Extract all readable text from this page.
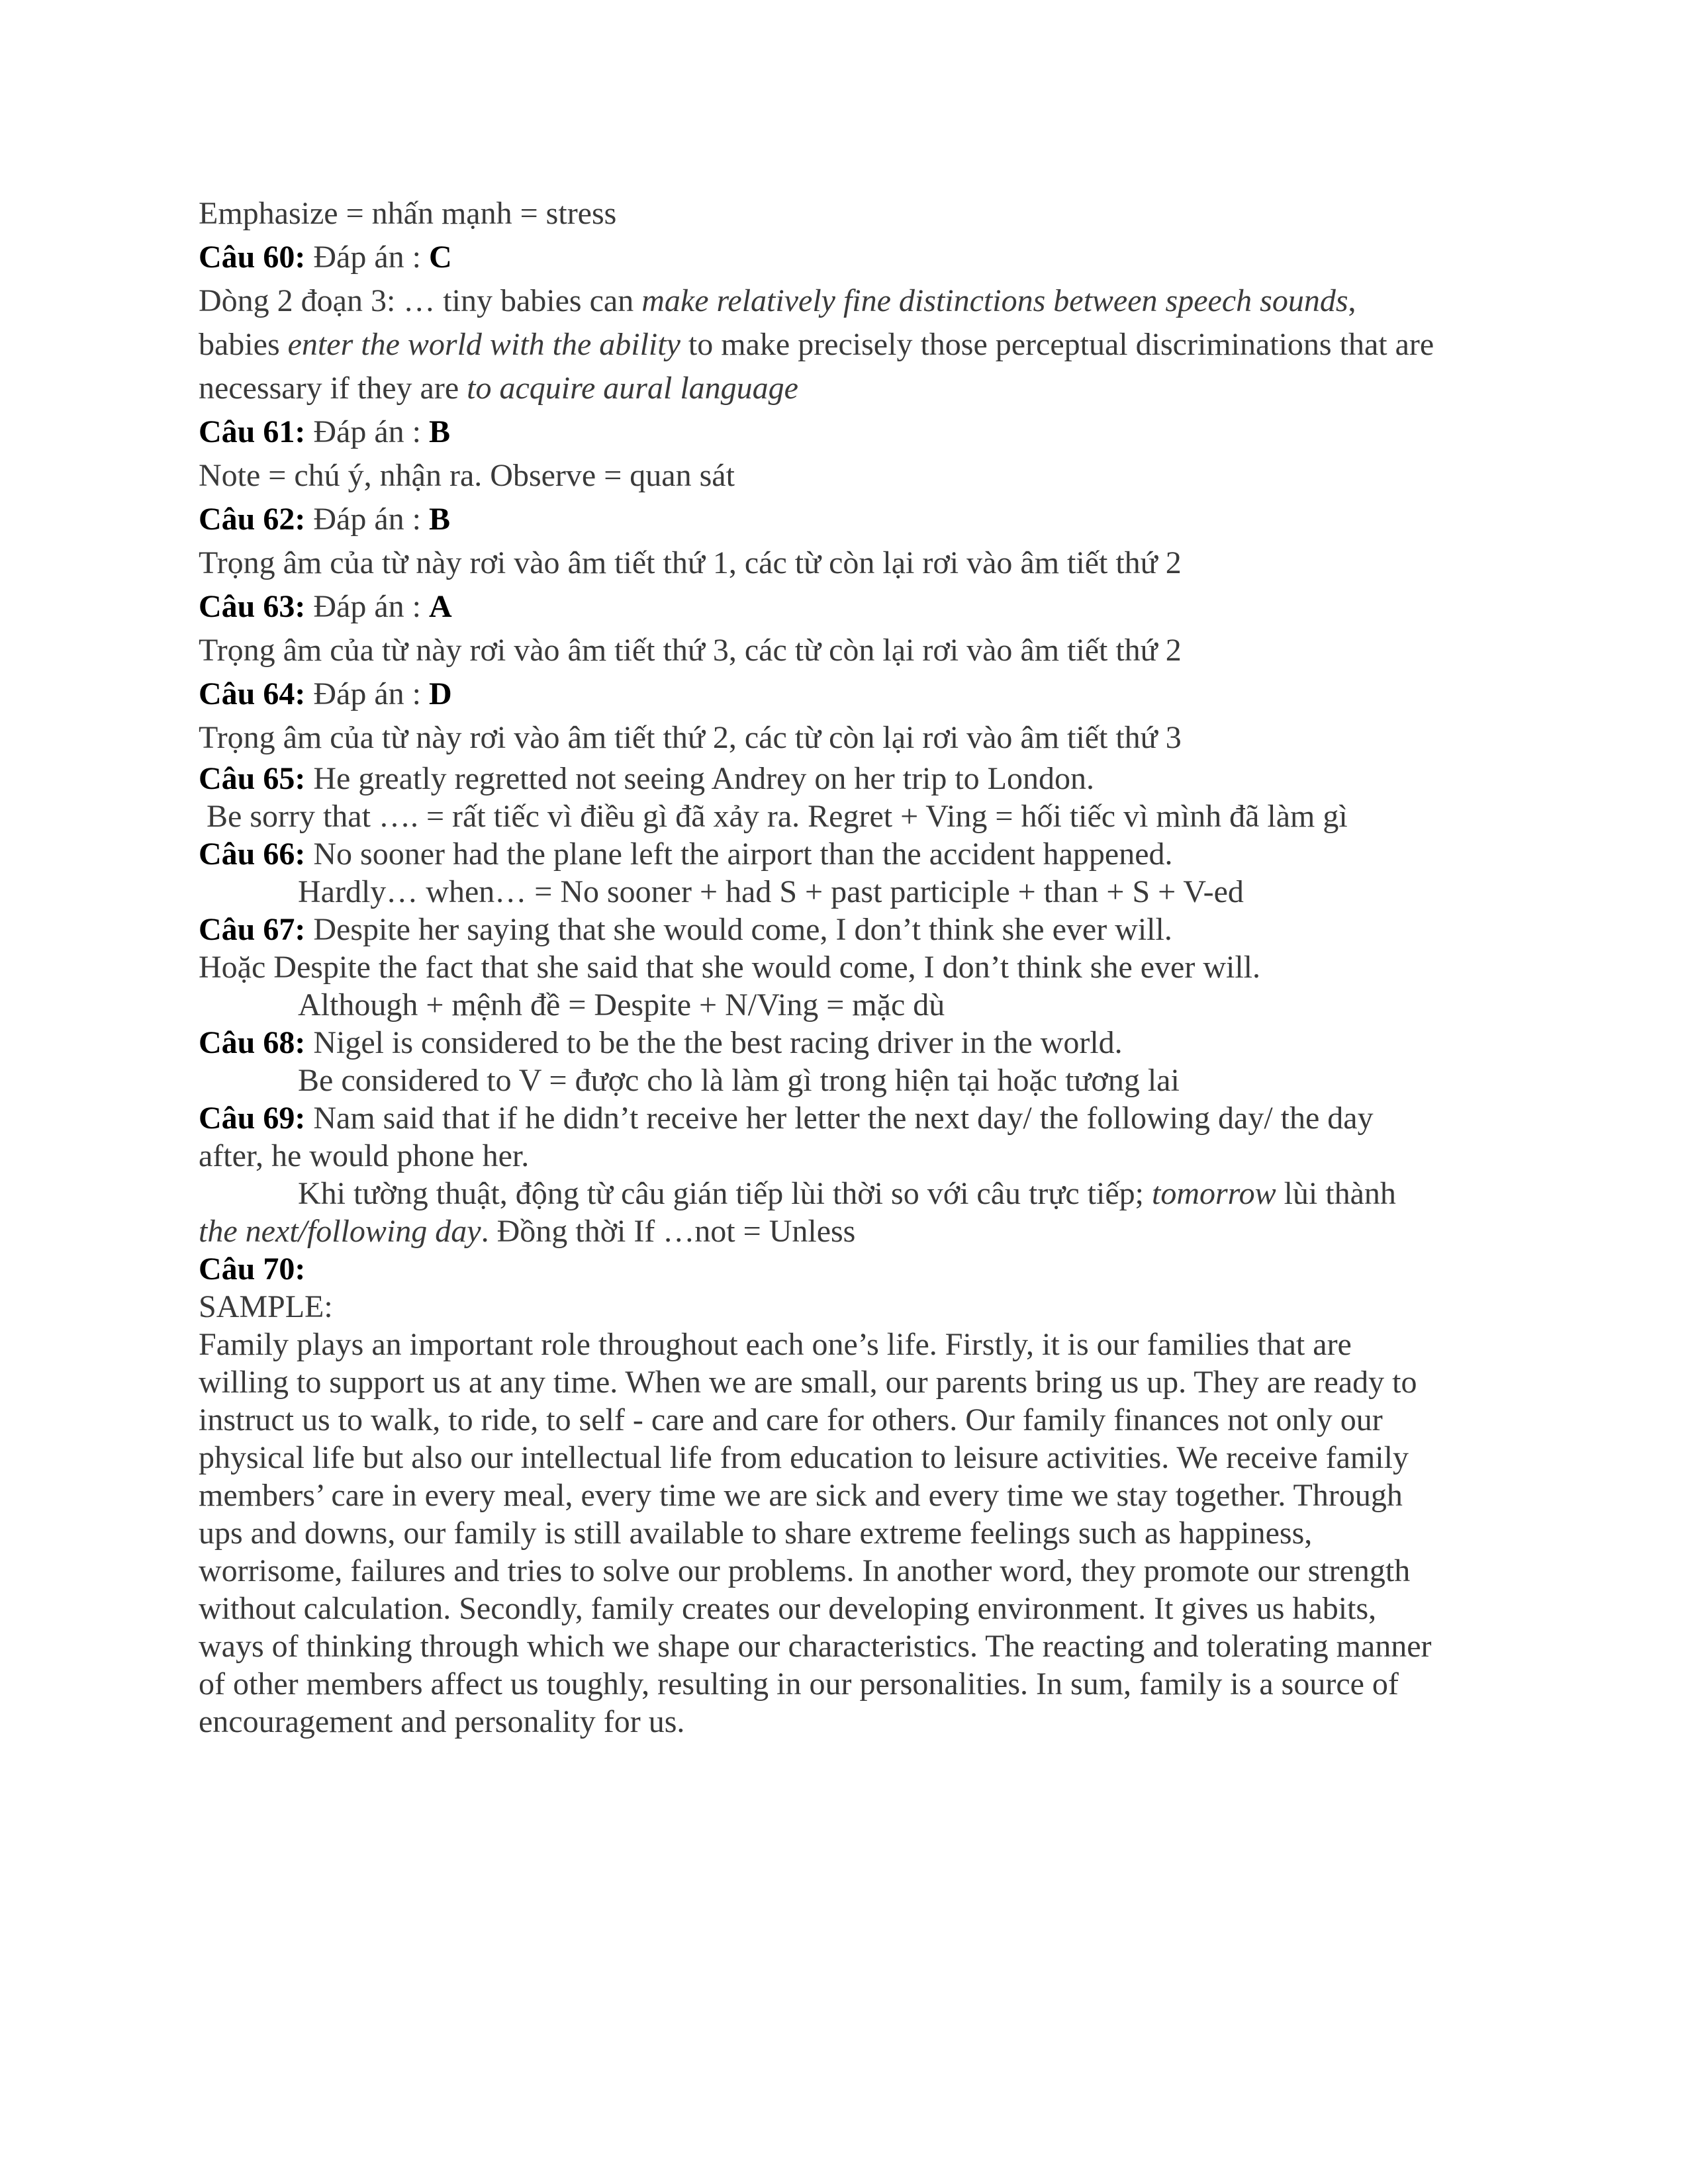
Emphasize = nhấn mạnh = stress
Câu 60: Đáp án : C
Dòng 2 đoạn 3: … tiny babies can make relatively fine distinctions between speech sounds,
babies enter the world with the ability to make precisely those perceptual discriminations that are
necessary if they are to acquire aural language
Câu 61: Đáp án : B
Note = chú ý, nhận ra. Observe = quan sát
Câu 62: Đáp án : B
Trọng âm của từ này rơi vào âm tiết thứ 1, các từ còn lại rơi vào âm tiết thứ 2
Câu 63: Đáp án : A
Trọng âm của từ này rơi vào âm tiết thứ 3, các từ còn lại rơi vào âm tiết thứ 2
Câu 64: Đáp án : D
Trọng âm của từ này rơi vào âm tiết thứ 2, các từ còn lại rơi vào âm tiết thứ 3
Câu 65: He greatly regretted not seeing Andrey on her trip to London.
Be sorry that …. = rất tiếc vì điều gì đã xảy ra. Regret + Ving = hối tiếc vì mình đã làm gì
Câu 66: No sooner had the plane left the airport than the accident happened.
Hardly… when… = No sooner + had S + past participle + than + S + V-ed
Câu 67: Despite her saying that she would come, I don’t think she ever will.
Hoặc Despite the fact that she said that she would come, I don’t think she ever will.
Although + mệnh đề = Despite + N/Ving = mặc dù
Câu 68: Nigel is considered to be the the best racing driver in the world.
Be considered to V = được cho là làm gì trong hiện tại hoặc tương lai
Câu 69: Nam said that if he didn’t receive her letter the next day/ the following day/ the day
after, he would phone her.
Khi tường thuật, động từ câu gián tiếp lùi thời so với câu trực tiếp; tomorrow lùi thành
the next/following day. Đồng thời If …not = Unless
Câu 70:
SAMPLE:
Family plays an important role throughout each one’s life. Firstly, it is our families that are
willing to support us at any time. When we are small, our parents bring us up. They are ready to
instruct us to walk, to ride, to self - care and care for others. Our family finances not only our
physical life but also our intellectual life from education to leisure activities. We receive family
members’ care in every meal, every time we are sick and every time we stay together. Through
ups and downs, our family is still available to share extreme feelings such as happiness,
worrisome, failures and tries to solve our problems. In another word, they promote our strength
without calculation. Secondly, family creates our developing environment. It gives us habits,
ways of thinking through which we shape our characteristics. The reacting and tolerating manner
of other members affect us toughly, resulting in our personalities. In sum, family is a source of
encouragement and personality for us.
